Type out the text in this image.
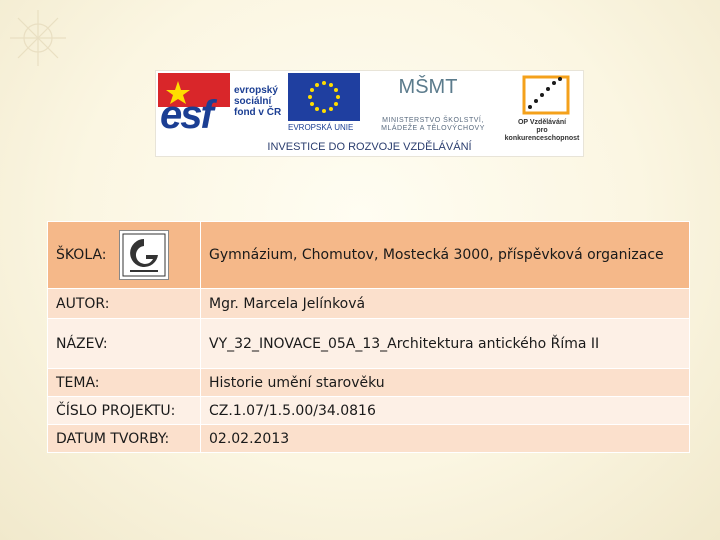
esf
evropský
sociální
fond v ČR
EVROPSKÁ UNIE
MŠMT
MINISTERSTVO ŠKOLSTVÍ,
MLÁDEŽE A TĚLOVÝCHOVY
OP Vzdělávání
pro konkurenceschopnost
INVESTICE DO ROZVOJE VZDĚLÁVÁNÍ
ŠKOLA:	Gymnázium, Chomutov, Mostecká 3000, příspěvková organizace
AUTOR:	Mgr. Marcela Jelínková
NÁZEV:	VY_32_INOVACE_05A_13_Architektura antického Říma II
TEMA:	Historie umění starověku
ČÍSLO PROJEKTU:	CZ.1.07/1.5.00/34.0816
DATUM TVORBY:	02.02.2013
